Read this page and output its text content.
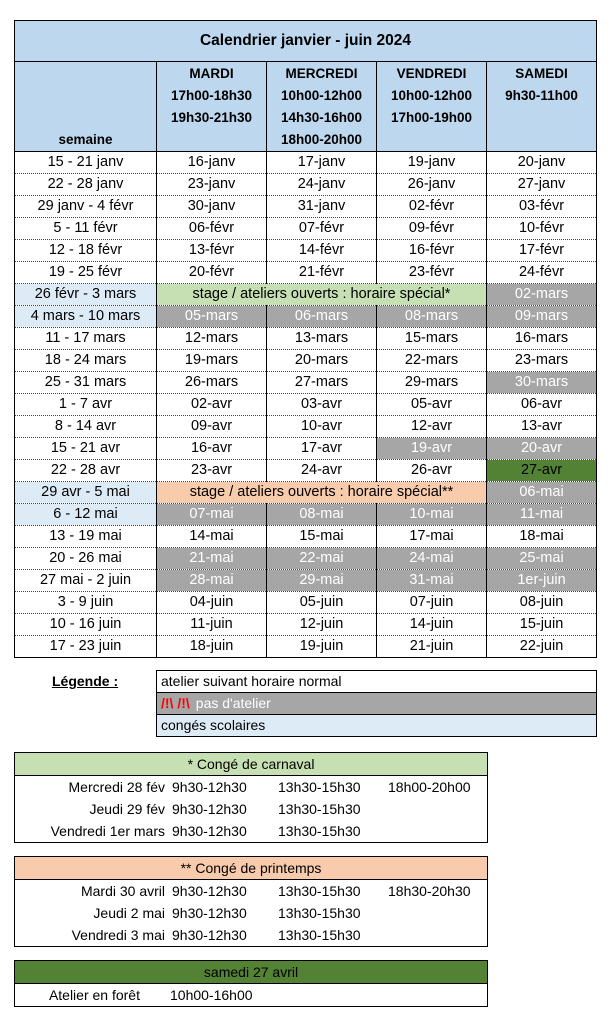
Calendrier janvier - juin 2024				
semaine	MARDI
17h00-18h30
19h30-21h30	MERCREDI
10h00-12h00
14h30-16h00
18h00-20h00	VENDREDI
10h00-12h00
17h00-19h00	SAMEDI
9h30-11h00

15 - 21 janv	16-janv	17-janv	19-janv	20-janv
22 - 28 janv	23-janv	24-janv	26-janv	27-janv
29 janv - 4 févr	30-janv	31-janv	02-févr	03-févr
5 - 11 févr	06-févr	07-févr	09-févr	10-févr
12 - 18 févr	13-févr	14-févr	16-févr	17-févr
19 - 25 févr	20-févr	21-févr	23-févr	24-févr
26 févr - 3 mars	stage / ateliers ouverts : horaire spécial*			02-mars
4 mars - 10 mars	05-mars	06-mars	08-mars	09-mars
11 - 17 mars	12-mars	13-mars	15-mars	16-mars
18 - 24 mars	19-mars	20-mars	22-mars	23-mars
25 - 31 mars	26-mars	27-mars	29-mars	30-mars
1 - 7 avr	02-avr	03-avr	05-avr	06-avr
8 - 14 avr	09-avr	10-avr	12-avr	13-avr
15 - 21 avr	16-avr	17-avr	19-avr	20-avr
22 - 28 avr	23-avr	24-avr	26-avr	27-avr
29 avr - 5 mai	stage / ateliers ouverts : horaire spécial**			06-mai
6 - 12 mai	07-mai	08-mai	10-mai	11-mai
13 - 19 mai	14-mai	15-mai	17-mai	18-mai
20 - 26 mai	21-mai	22-mai	24-mai	25-mai
27 mai - 2 juin	28-mai	29-mai	31-mai	1er-juin
3 - 9 juin	04-juin	05-juin	07-juin	08-juin
10 - 16 juin	11-juin	12-juin	14-juin	15-juin
17 - 23 juin	18-juin	19-juin	21-juin	22-juin
Légende :	atelier suivant horaire normal
/!\ /!\ pas d'atelier
congés scolaires
* Congé de carnaval
Mercredi 28 fév 9h30-12h30 13h30-15h30 18h00-20h00
Jeudi 29 fév 9h30-12h30 13h30-15h30
Vendredi 1er mars 9h30-12h30 13h30-15h30
** Congé de printemps
Mardi 30 avril 9h30-12h30 13h30-15h30 18h30-20h30
Jeudi 2 mai 9h30-12h30 13h30-15h30
Vendredi 3 mai 9h30-12h30 13h30-15h30
samedi 27 avril
Atelier en forêt 10h00-16h00
